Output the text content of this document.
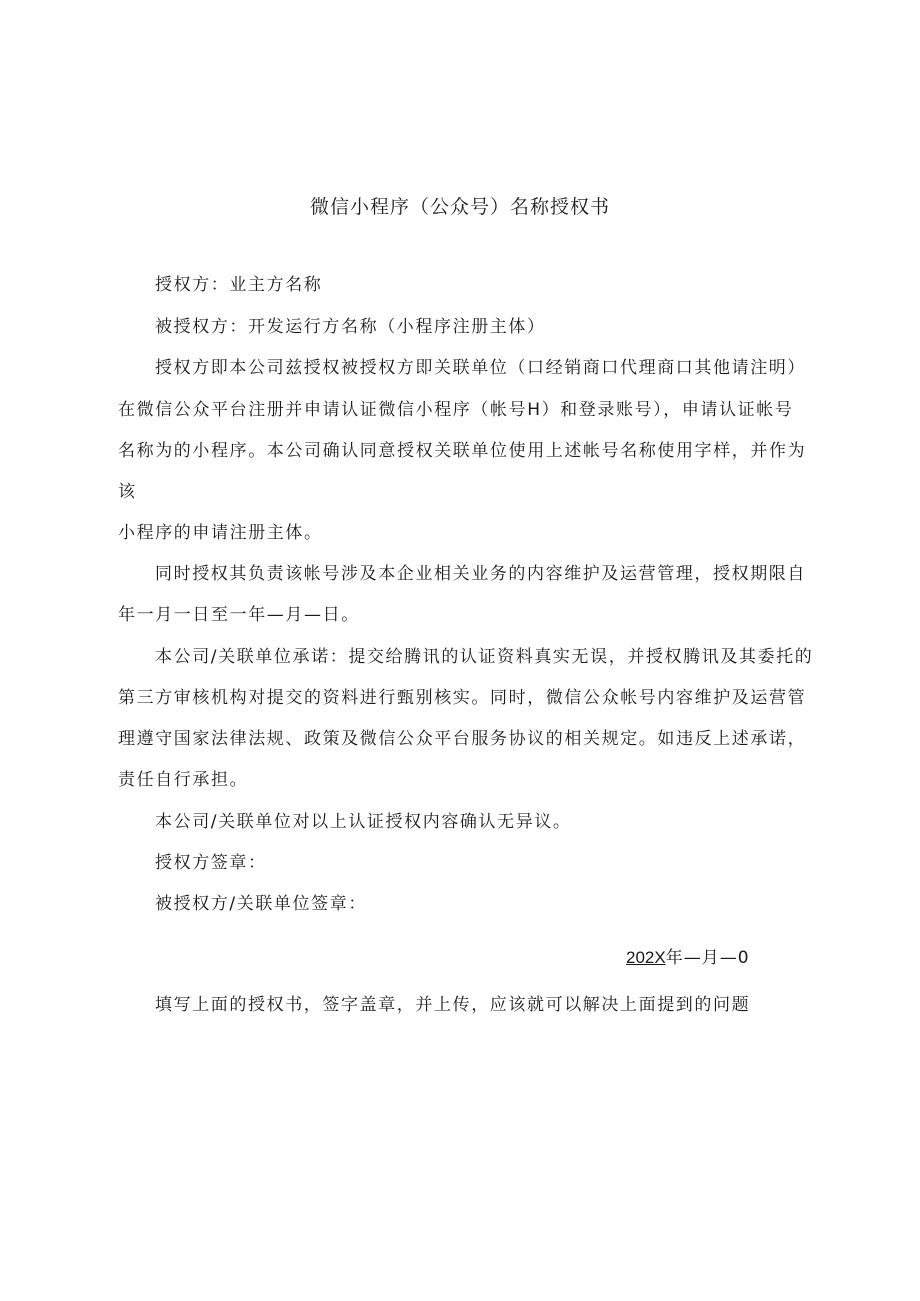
微信小程序（公众号）名称授权书
授权方：业主方名称
被授权方：开发运行方名称（小程序注册主体）
授权方即本公司兹授权被授权方即关联单位（口经销商口代理商口其他请注明）
在微信公众平台注册并申请认证微信小程序（帐号H）和登录账号），申请认证帐号
名称为的小程序。本公司确认同意授权关联单位使用上述帐号名称使用字样，并作为
该
小程序的申请注册主体。
同时授权其负责该帐号涉及本企业相关业务的内容维护及运营管理，授权期限自
年一月一日至一年—月—日。
本公司/关联单位承诺：提交给腾讯的认证资料真实无误，并授权腾讯及其委托的
第三方审核机构对提交的资料进行甄别核实。同时，微信公众帐号内容维护及运营管
理遵守国家法律法规、政策及微信公众平台服务协议的相关规定。如违反上述承诺，
责任自行承担。
本公司/关联单位对以上认证授权内容确认无异议。
授权方签章：
被授权方/关联单位签章：
202X年—月—0
填写上面的授权书，签字盖章，并上传，应该就可以解决上面提到的问题
